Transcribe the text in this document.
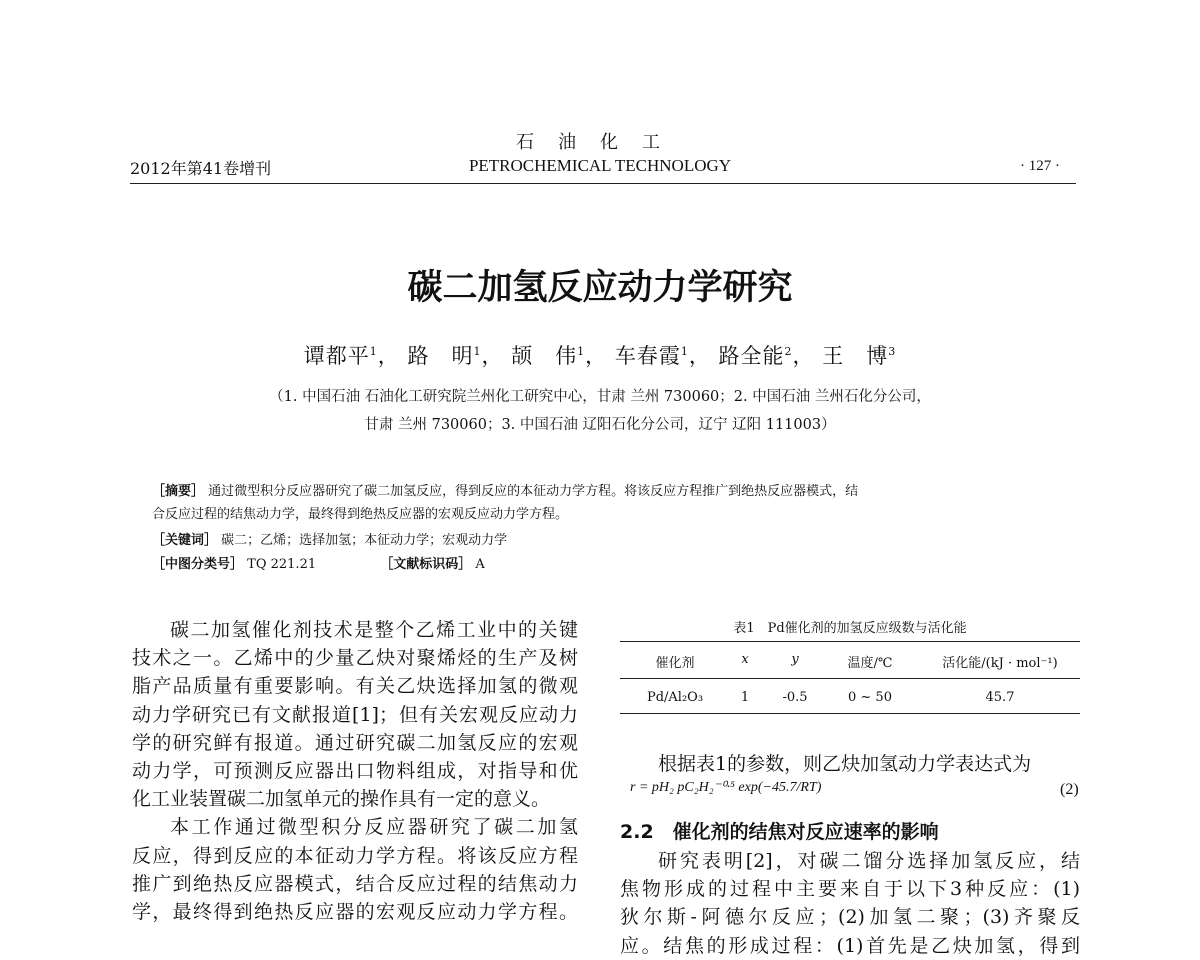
石油化工
2012年第41卷增刊	PETROCHEMICAL TECHNOLOGY	· 127 ·
碳二加氢反应动力学研究
谭都平$^1$， 路　明$^1$， 颉　伟$^1$， 车春霞$^1$， 路全能$^2$， 王　博$^3$
（1. 中国石油 石油化工研究院兰州化工研究中心，甘肃 兰州 730060；2. 中国石油 兰州石化分公司，
甘肃 兰州 730060；3. 中国石油 辽阳石化分公司，辽宁 辽阳 111003）
［摘要］ 通过微型积分反应器研究了碳二加氢反应，得到反应的本征动力学方程。将该反应方程推广到绝热反应器模式，结
合反应过程的结焦动力学，最终得到绝热反应器的宏观反应动力学方程。
［关键词］ 碳二；乙烯；选择加氢；本征动力学；宏观动力学
［中图分类号］ TQ 221.21	［文献标识码］ A
碳二加氢催化剂技术是整个乙烯工业中的关键
技术之一。乙烯中的少量乙炔对聚烯烃的生产及树
脂产品质量有重要影响。有关乙炔选择加氢的微观
动力学研究已有文献报道[1]；但有关宏观反应动力
学的研究鲜有报道。通过研究碳二加氢反应的宏观
动力学，可预测反应器出口物料组成，对指导和优
化工业装置碳二加氢单元的操作具有一定的意义。
本工作通过微型积分反应器研究了碳二加氢
反应，得到反应的本征动力学方程。将该反应方程
推广到绝热反应器模式，结合反应过程的结焦动力
学，最终得到绝热反应器的宏观反应动力学方程。
表1　Pd催化剂的加氢反应级数与活化能
催化剂	x	y	温度/℃	活化能/(kJ · mol⁻¹)
Pd/Al₂O₃	1	-0.5	0 ~ 50	45.7
根据表1的参数，则乙炔加氢动力学表达式为
r = pH₂ pC₂H₂⁻⁰·⁵ exp(−45.7/RT)	(2)
2.2　催化剂的结焦对反应速率的影响
研究表明[2]，对碳二馏分选择加氢反应，结
焦物形成的过程中主要来自于以下3种反应：(1)
狄尔斯-阿德尔反应；(2)加氢二聚；(3)齐聚反
应。结焦的形成过程：(1)首先是乙炔加氢，得到
